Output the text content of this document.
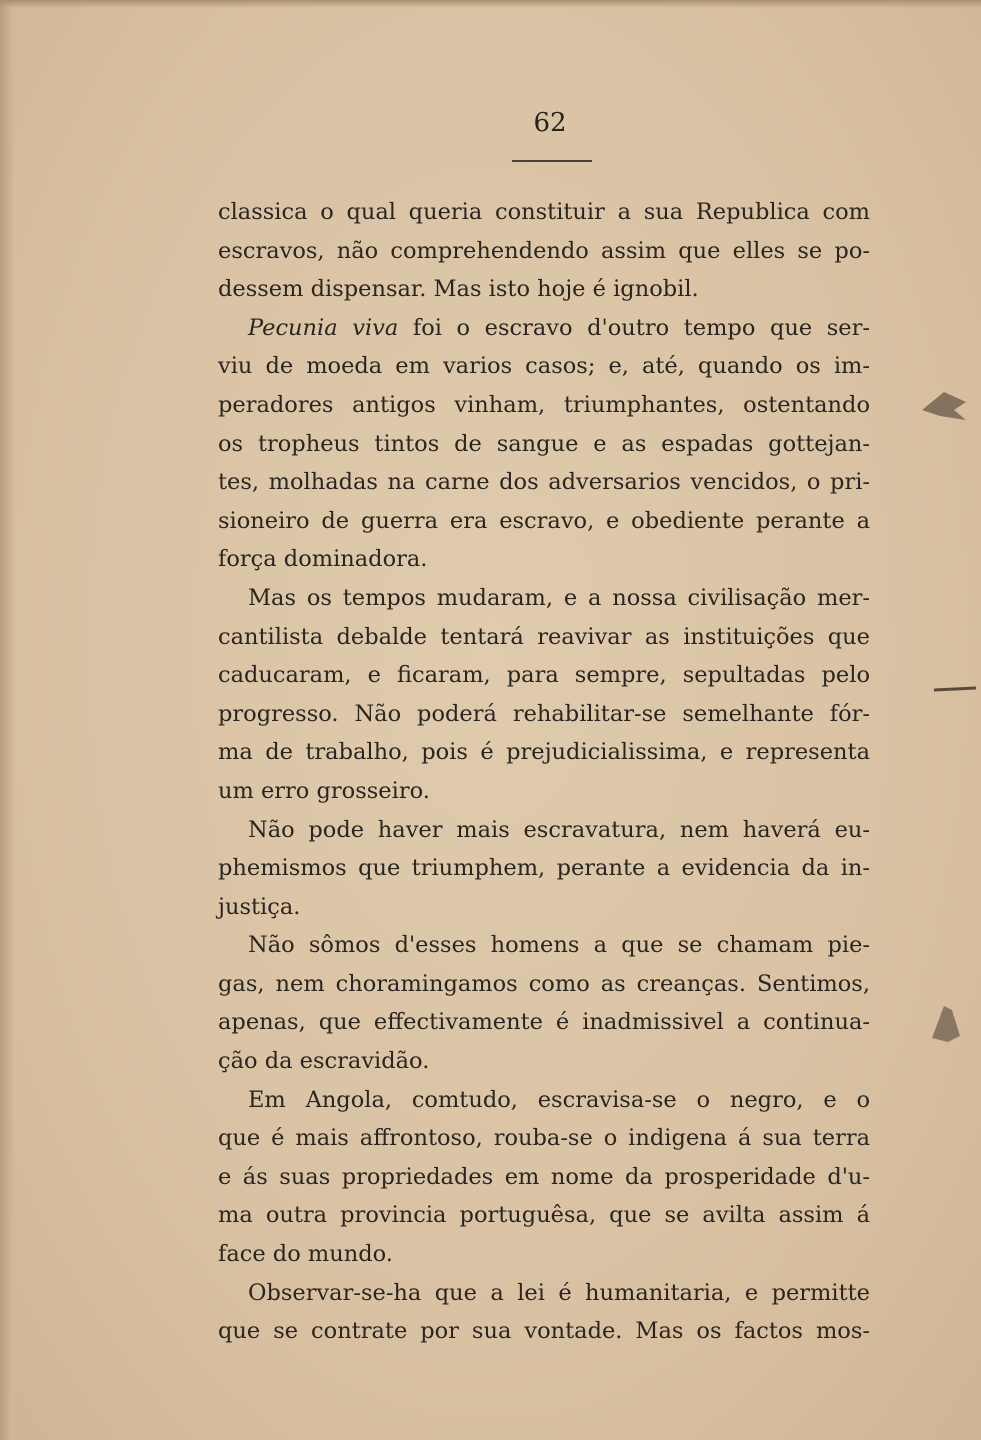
62
classica o qual queria constituir a sua Republica com
escravos, não comprehendendo assim que elles se po-
dessem dispensar. Mas isto hoje é ignobil.
Pecunia viva foi o escravo d'outro tempo que ser-
viu de moeda em varios casos; e, até, quando os im-
peradores antigos vinham, triumphantes, ostentando
os tropheus tintos de sangue e as espadas gottejan-
tes, molhadas na carne dos adversarios vencidos, o pri-
sioneiro de guerra era escravo, e obediente perante a
força dominadora.
Mas os tempos mudaram, e a nossa civilisação mer-
cantilista debalde tentará reavivar as instituições que
caducaram, e ficaram, para sempre, sepultadas pelo
progresso. Não poderá rehabilitar-se semelhante fór-
ma de trabalho, pois é prejudicialissima, e representa
um erro grosseiro.
Não pode haver mais escravatura, nem haverá eu-
phemismos que triumphem, perante a evidencia da in-
justiça.
Não sômos d'esses homens a que se chamam pie-
gas, nem choramingamos como as creanças. Sentimos,
apenas, que effectivamente é inadmissivel a continua-
ção da escravidão.
Em Angola, comtudo, escravisa-se o negro, e o
que é mais affrontoso, rouba-se o indigena á sua terra
e ás suas propriedades em nome da prosperidade d'u-
ma outra provincia portuguêsa, que se avilta assim á
face do mundo.
Observar-se-ha que a lei é humanitaria, e permitte
que se contrate por sua vontade. Mas os factos mos-
